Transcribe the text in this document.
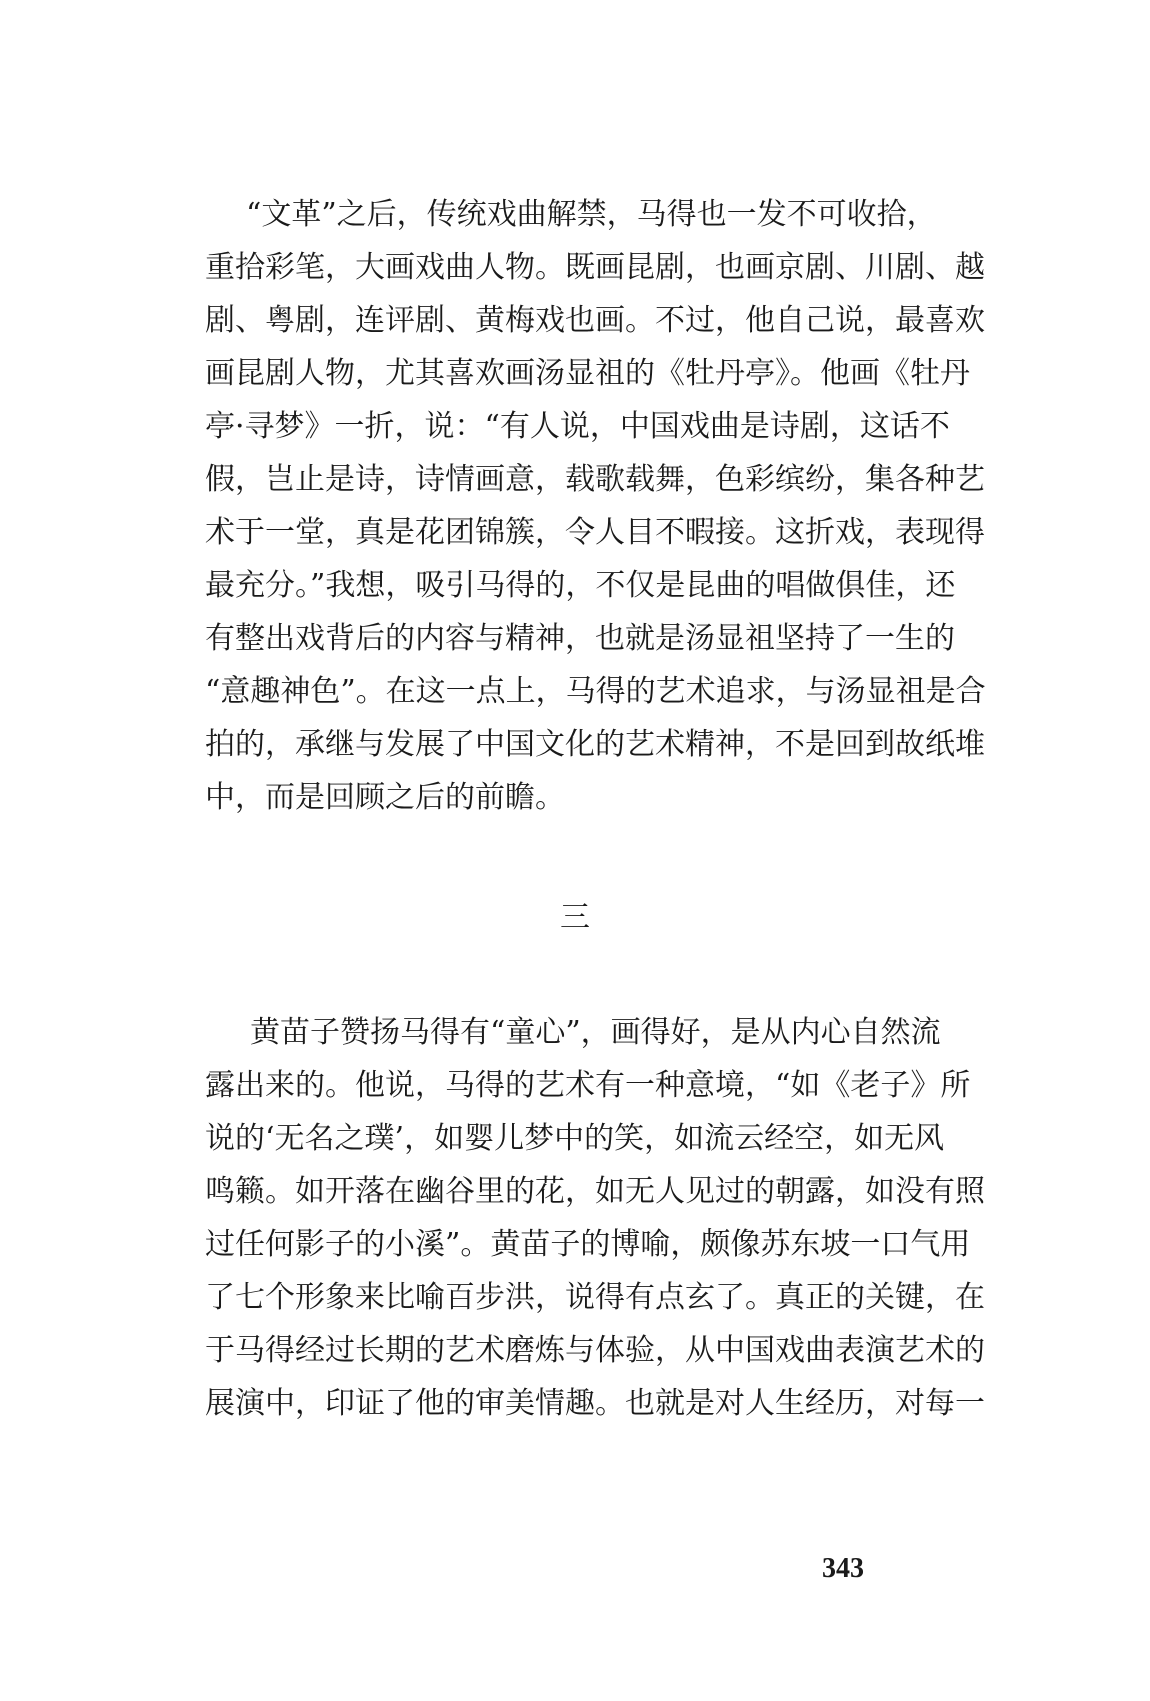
“文革”之后，传统戏曲解禁，马得也一发不可收拾，
重拾彩笔，大画戏曲人物。既画昆剧，也画京剧、川剧、越
剧、粤剧，连评剧、黄梅戏也画。不过，他自己说，最喜欢
画昆剧人物，尤其喜欢画汤显祖的《牡丹亭》。他画《牡丹
亭·寻梦》一折，说：“有人说，中国戏曲是诗剧，这话不
假，岂止是诗，诗情画意，载歌载舞，色彩缤纷，集各种艺
术于一堂，真是花团锦簇，令人目不暇接。这折戏，表现得
最充分。”我想，吸引马得的，不仅是昆曲的唱做俱佳，还
有整出戏背后的内容与精神，也就是汤显祖坚持了一生的
“意趣神色”。在这一点上，马得的艺术追求，与汤显祖是合
拍的，承继与发展了中国文化的艺术精神，不是回到故纸堆
中，而是回顾之后的前瞻。
三
黄苗子赞扬马得有“童心”，画得好，是从内心自然流
露出来的。他说，马得的艺术有一种意境，“如《老子》所
说的‘无名之璞’，如婴儿梦中的笑，如流云经空，如无风
鸣籁。如开落在幽谷里的花，如无人见过的朝露，如没有照
过任何影子的小溪”。黄苗子的博喻，颇像苏东坡一口气用
了七个形象来比喻百步洪，说得有点玄了。真正的关键，在
于马得经过长期的艺术磨炼与体验，从中国戏曲表演艺术的
展演中，印证了他的审美情趣。也就是对人生经历，对每一
343
